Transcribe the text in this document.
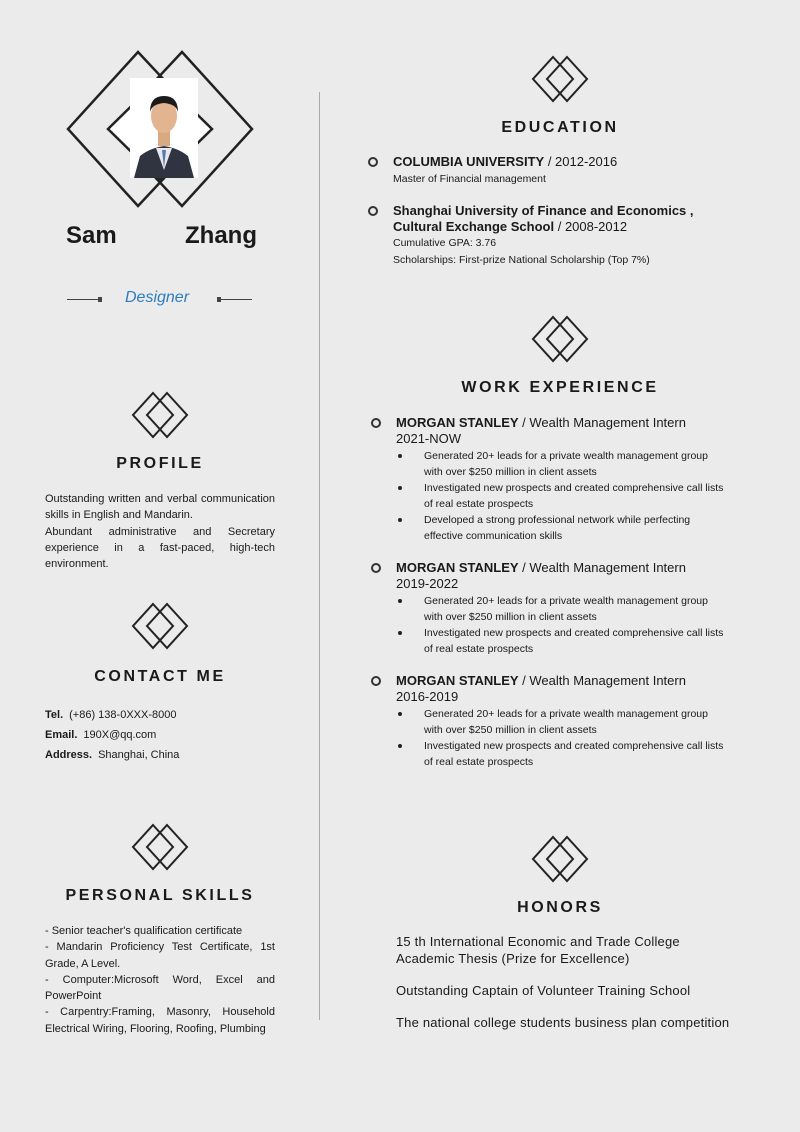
Sam	Zhang
Designer
PROFILE

Outstanding written and verbal communication skills in English and Mandarin.

Abundant administrative and Secretary experience in a fast-paced, high-tech environment.

CONTACT ME
Tel. (+86) 138-0XXX-8000
Email. 190X@qq.com
Address. Shanghai, China
PERSONAL SKILLS
- Senior teacher's qualification certificate
- Mandarin Proficiency Test Certificate, 1st Grade, A Level.
- Computer:Microsoft Word, Excel and PowerPoint
- Carpentry:Framing, Masonry, Household Electrical Wiring, Flooring, Roofing, Plumbing
EDUCATION
COLUMBIA UNIVERSITY / 2012-2016
Master of Financial management
Shanghai University of Finance and Economics ,
Cultural Exchange School / 2008-2012
Cumulative GPA: 3.76
Scholarships: First-prize National Scholarship (Top 7%)
WORK EXPERIENCE
MORGAN STANLEY / Wealth Management Intern
2021-NOW
Generated 20+ leads for a private wealth management group
with over $250 million in client assets
Investigated new prospects and created comprehensive call lists
of real estate prospects
Developed a strong professional network while perfecting
effective communication skills
MORGAN STANLEY / Wealth Management Intern
2019-2022
Generated 20+ leads for a private wealth management group
with over $250 million in client assets
Investigated new prospects and created comprehensive call lists
of real estate prospects
MORGAN STANLEY / Wealth Management Intern
2016-2019
Generated 20+ leads for a private wealth management group
with over $250 million in client assets
Investigated new prospects and created comprehensive call lists
of real estate prospects
HONORS
15 th International Economic and Trade College Academic Thesis (Prize for Excellence)
Outstanding Captain of Volunteer Training School
The national college students business plan competition
